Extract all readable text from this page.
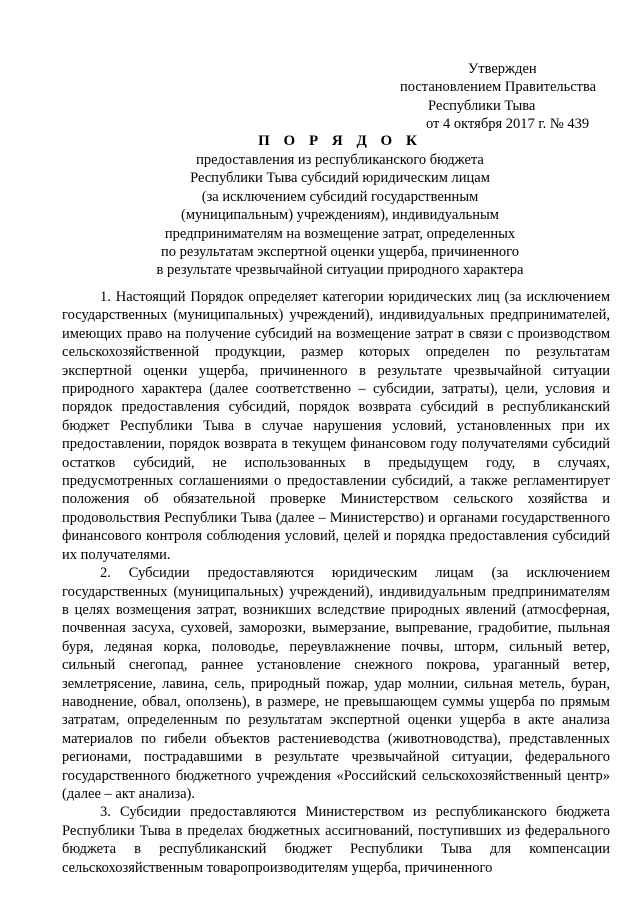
Утвержден
постановлением Правительства
Республики Тыва
от 4 октября 2017 г. № 439
П О Р Я Д О К
предоставления из республиканского бюджета
Республики Тыва субсидий юридическим лицам
(за исключением субсидий государственным
(муниципальным) учреждениям), индивидуальным
предпринимателям на возмещение затрат, определенных
по результатам экспертной оценки ущерба, причиненного
в результате чрезвычайной ситуации природного характера

1. Настоящий Порядок определяет категории юридических лиц (за исключением государственных (муниципальных) учреждений), индивидуальных предпринимателей, имеющих право на получение субсидий на возмещение затрат в связи с производством сельскохозяйственной продукции, размер которых определен по результатам экспертной оценки ущерба, причиненного в результате чрезвычайной ситуации природного характера (далее соответственно – субсидии, затраты), цели, условия и порядок предоставления субсидий, порядок возврата субсидий в республиканский бюджет Республики Тыва в случае нарушения условий, установленных при их предоставлении, порядок возврата в текущем финансовом году получателями субсидий остатков субсидий, не использованных в предыдущем году, в случаях, предусмотренных соглашениями о предоставлении субсидий, а также регламентирует положения об обязательной проверке Министерством сельского хозяйства и продовольствия Республики Тыва (далее – Министерство) и органами государственного финансового контроля соблюдения условий, целей и порядка предоставления субсидий их получателями.

2. Субсидии предоставляются юридическим лицам (за исключением государственных (муниципальных) учреждений), индивидуальным предпринимателям в целях возмещения затрат, возникших вследствие природных явлений (атмосферная, почвенная засуха, суховей, заморозки, вымерзание, выпревание, градобитие, пыльная буря, ледяная корка, половодье, переувлажнение почвы, шторм, сильный ветер, сильный снегопад, раннее установление снежного покрова, ураганный ветер, землетрясение, лавина, сель, природный пожар, удар молнии, сильная метель, буран, наводнение, обвал, оползень), в размере, не превышающем суммы ущерба по прямым затратам, определенным по результатам экспертной оценки ущерба в акте анализа материалов по гибели объектов растениеводства (животноводства), представленных регионами, пострадавшими в результате чрезвычайной ситуации, федерального государственного бюджетного учреждения «Российский сельскохозяйственный центр» (далее – акт анализа).

3. Субсидии предоставляются Министерством из республиканского бюджета Республики Тыва в пределах бюджетных ассигнований, поступивших из федерального бюджета в республиканский бюджет Республики Тыва для компенсации сельскохозяйственным товаропроизводителям ущерба, причиненного
